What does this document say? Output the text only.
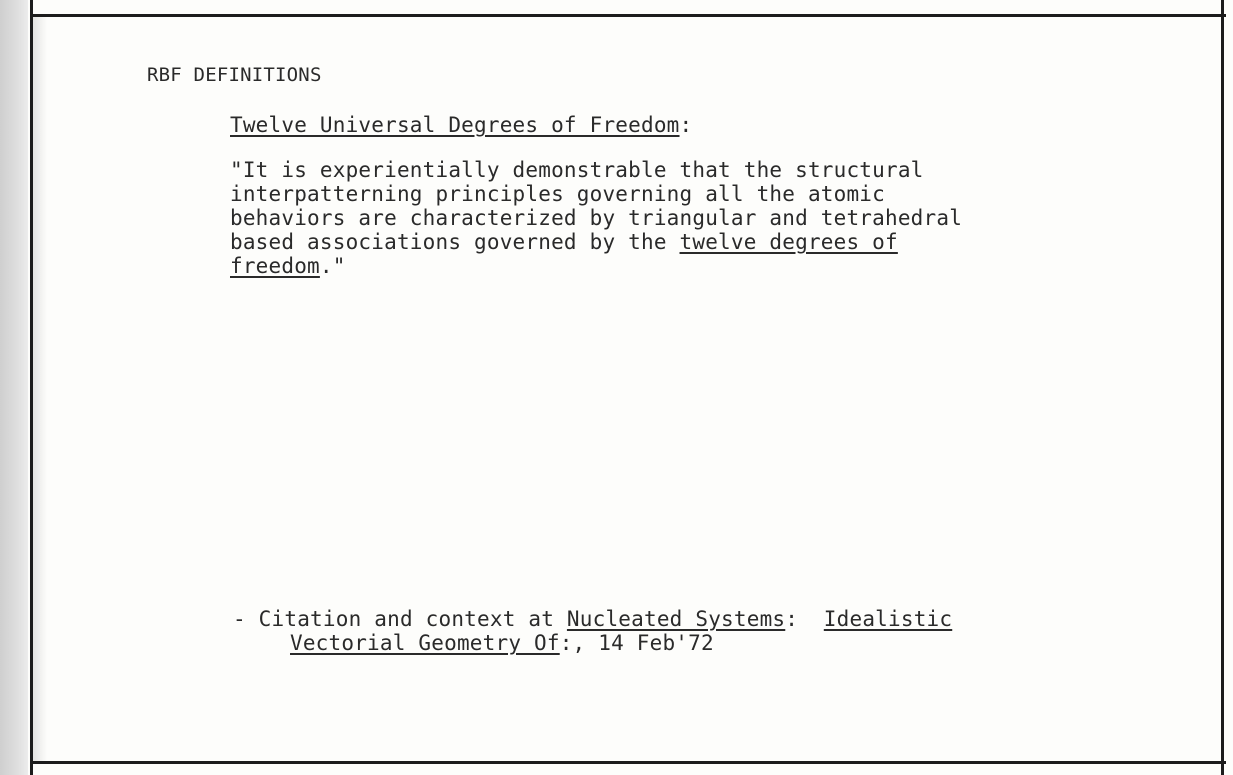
RBF DEFINITIONS
Twelve Universal Degrees of Freedom:
"It is experientially demonstrable that the structural
interpatterning principles governing all the atomic
behaviors are characterized by triangular and tetrahedral
based associations governed by the twelve degrees of
freedom."
- Citation and context at Nucleated Systems:  Idealistic
Vectorial Geometry Of:, 14 Feb'72
